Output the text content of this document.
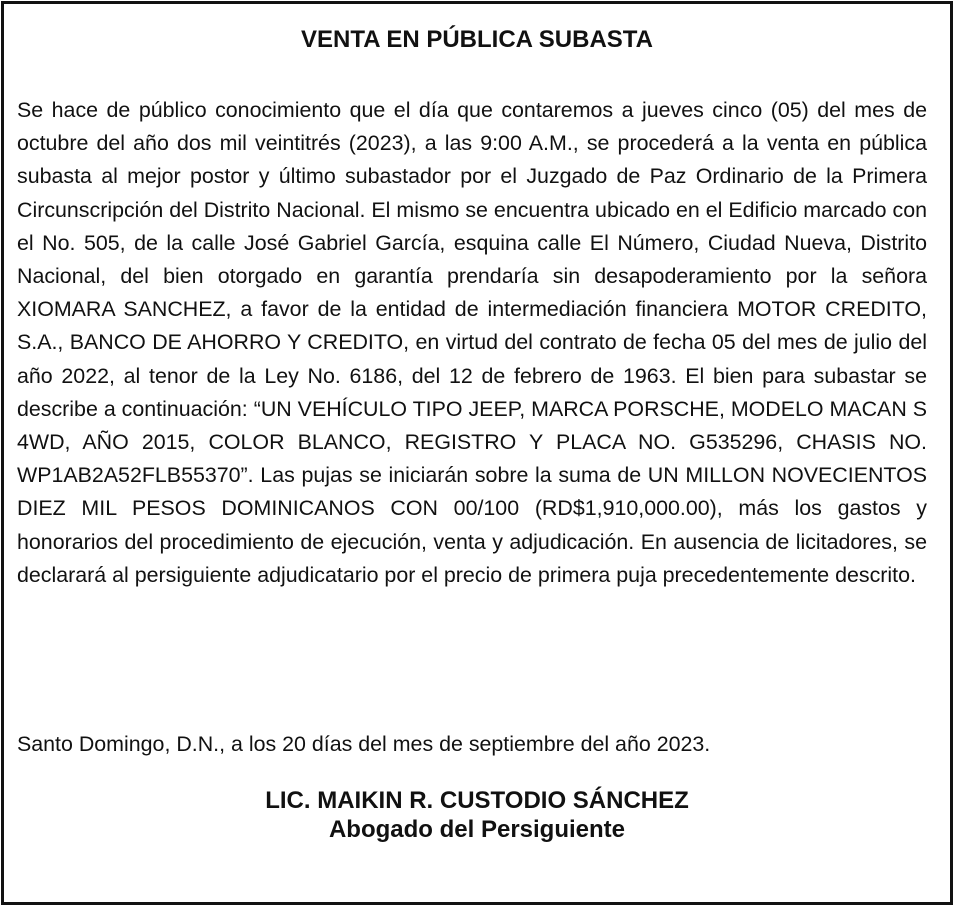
VENTA EN PÚBLICA SUBASTA

Se hace de público conocimiento que el día que contaremos a jueves cinco (05) del mes de octubre del año dos mil veintitrés (2023), a las 9:00 A.M., se procederá a la venta en pública subasta al mejor postor y último subastador por el Juzgado de Paz Ordinario de la Primera Circunscripción del Distrito Nacional. El mismo se encuentra ubicado en el Edificio marcado con el No. 505, de la calle José Gabriel García, esquina calle El Número, Ciudad Nueva, Distrito Nacional, del bien otorgado en garantía prendaría sin desapoderamiento por la señora XIOMARA SANCHEZ, a favor de la entidad de intermediación financiera MOTOR CREDITO, S.A., BANCO DE AHORRO Y CREDITO, en virtud del contrato de fecha 05 del mes de julio del año 2022, al tenor de la Ley No. 6186, del 12 de febrero de 1963. El bien para subastar se describe a continuación: “UN VEHÍCULO TIPO JEEP, MARCA PORSCHE, MODELO MACAN S 4WD, AÑO 2015, COLOR BLANCO, REGISTRO Y PLACA NO. G535296, CHASIS NO. WP1AB2A52FLB55370”. Las pujas se iniciarán sobre la suma de UN MILLON NOVECIENTOS DIEZ MIL PESOS DOMINICANOS CON 00/100 (RD$1,910,000.00), más los gastos y honorarios del procedimiento de ejecución, venta y adjudicación. En ausencia de licitadores, se declarará al persiguiente adjudicatario por el precio de primera puja precedentemente descrito.

Santo Domingo, D.N., a los 20 días del mes de septiembre del año 2023.

LIC. MAIKIN R. CUSTODIO SÁNCHEZ

Abogado del Persiguiente
